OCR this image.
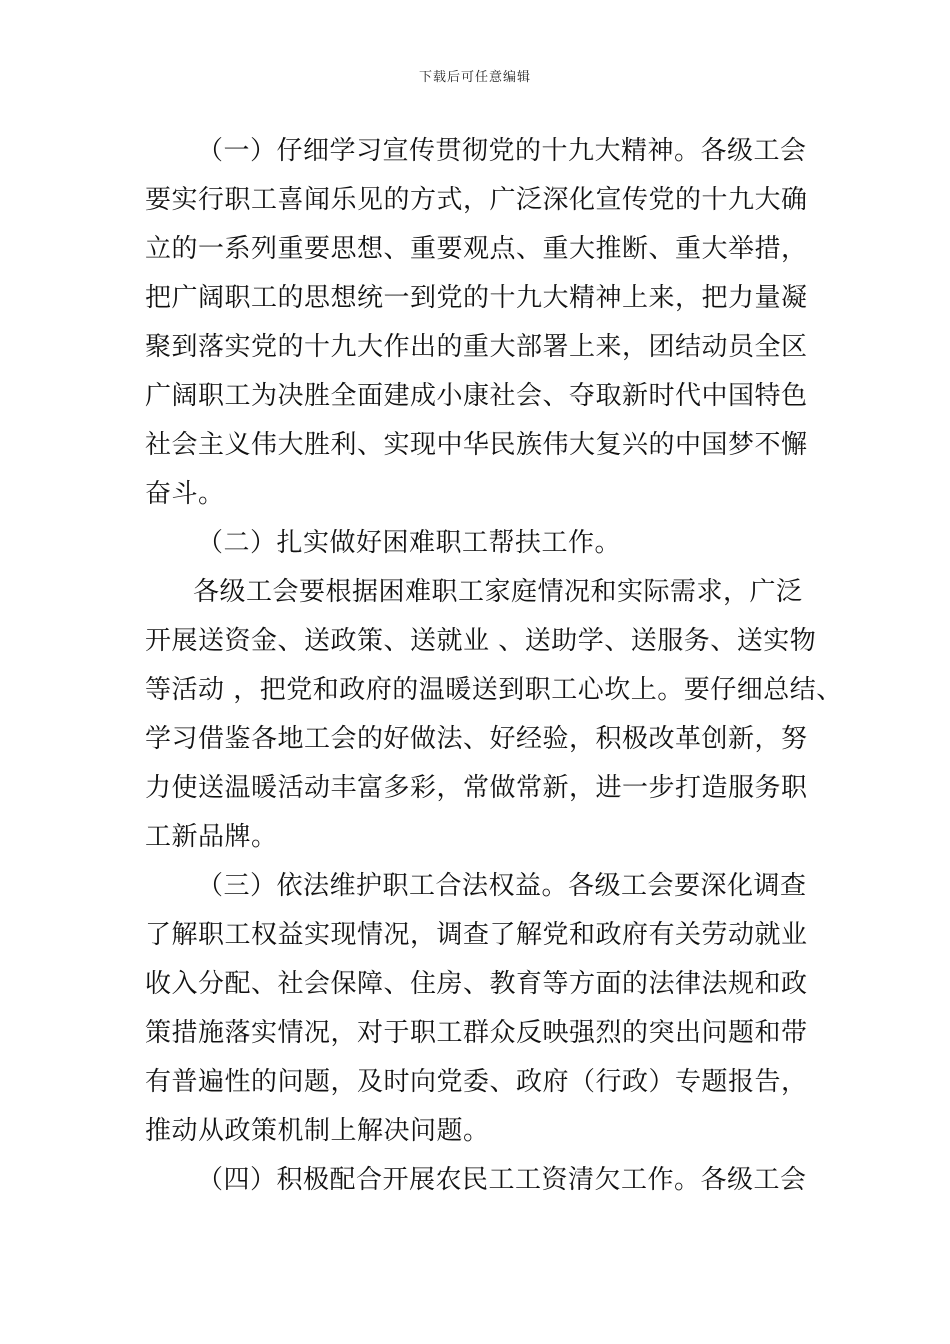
下载后可任意编辑
（一）仔细学习宣传贯彻党的十九大精神。各级工会
要实行职工喜闻乐见的方式，广泛深化宣传党的十九大确
立的一系列重要思想、重要观点、重大推断、重大举措，
把广阔职工的思想统一到党的十九大精神上来，把力量凝
聚到落实党的十九大作出的重大部署上来，团结动员全区
广阔职工为决胜全面建成小康社会、夺取新时代中国特色
社会主义伟大胜利、实现中华民族伟大复兴的中国梦不懈
奋斗。
（二）扎实做好困难职工帮扶工作。
各级工会要根据困难职工家庭情况和实际需求，广泛
开展送资金、送政策、送就业 、送助学、送服务、送实物
等活动 ，把党和政府的温暖送到职工心坎上。要仔细总结、
学习借鉴各地工会的好做法、好经验，积极改革创新，努
力使送温暖活动丰富多彩，常做常新，进一步打造服务职
工新品牌。
（三）依法维护职工合法权益。各级工会要深化调查
了解职工权益实现情况，调查了解党和政府有关劳动就业
收入分配、社会保障、住房、教育等方面的法律法规和政
策措施落实情况，对于职工群众反映强烈的突出问题和带
有普遍性的问题，及时向党委、政府（行政）专题报告，
推动从政策机制上解决问题。
（四）积极配合开展农民工工资清欠工作。各级工会
